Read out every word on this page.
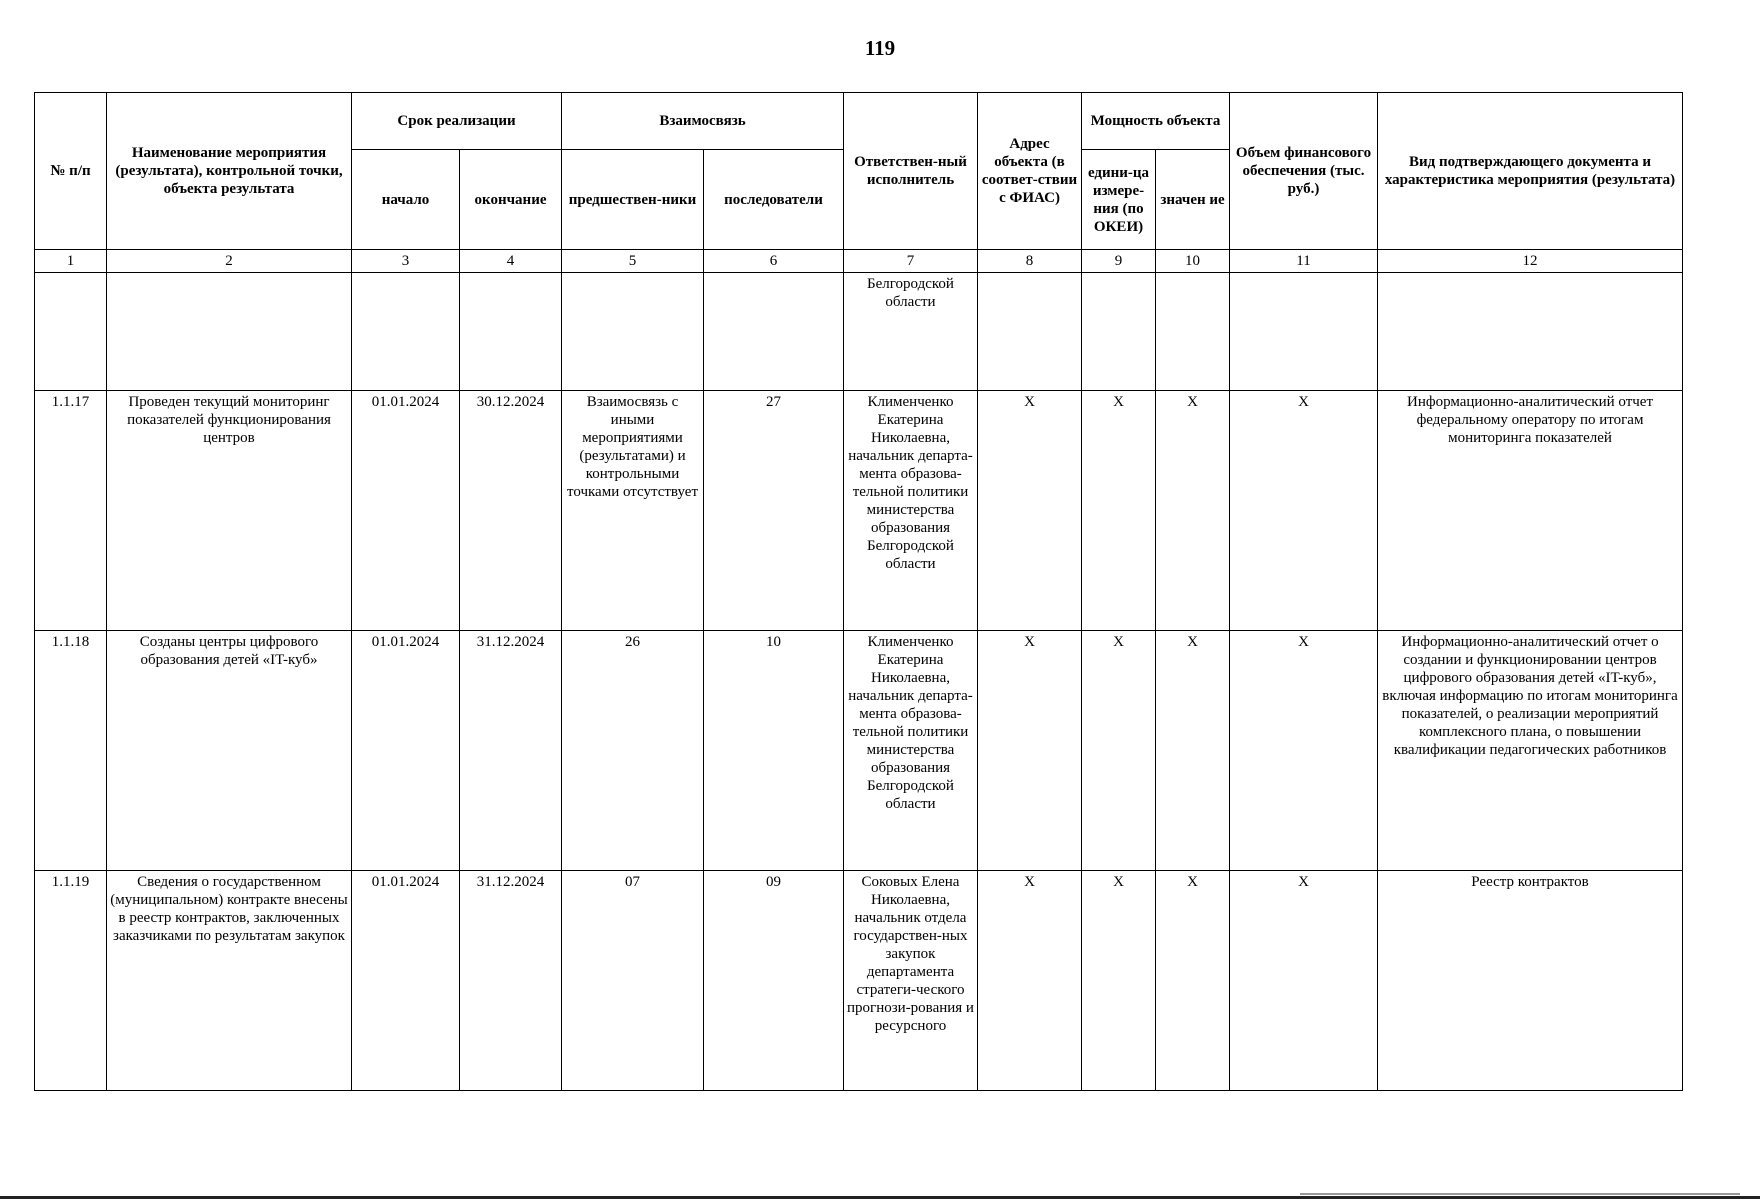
119
№ п/п	Наименование мероприятия (результата), контрольной точки, объекта результата	Срок реализации		Взаимосвязь		Ответствен-ный исполнитель	Адрес объекта (в соответ-ствии с ФИАС)	Мощность объекта		Объем финансового обеспечения (тыс. руб.)	Вид подтверждающего документа и характеристика мероприятия (результата)
		начало	окончание	предшествен-ники	последователи			едини-ца измере-ния (по ОКЕИ)	значен ие		
1	2	3	4	5	6	7	8	9	10	11	12
						Белгородской области					
1.1.17	Проведен текущий мониторинг показателей функционирования центров	01.01.2024	30.12.2024	Взаимосвязь с иными мероприятиями (результатами) и контрольными точками отсутствует	27	Клименченко Екатерина Николаевна, начальник департа-мента образова-тельной политики министерства образования Белгородской области	X	X	X	X	Информационно-аналитический отчет федеральному оператору по итогам мониторинга показателей
1.1.18	Созданы центры цифрового образования детей «IT-куб»	01.01.2024	31.12.2024	26	10	Клименченко Екатерина Николаевна, начальник департа-мента образова-тельной политики министерства образования Белгородской области	X	X	X	X	Информационно-аналитический отчет о создании и функционировании центров цифрового образования детей «IT-куб», включая информацию по итогам мониторинга показателей, о реализации мероприятий комплексного плана, о повышении квалификации педагогических работников
1.1.19	Сведения о государственном (муниципальном) контракте внесены в реестр контрактов, заключенных заказчиками по результатам закупок	01.01.2024	31.12.2024	07	09	Соковых Елена Николаевна, начальник отдела государствен-ных закупок департамента стратеги-ческого прогнози-рования и ресурсного	X	X	X	X	Реестр контрактов
